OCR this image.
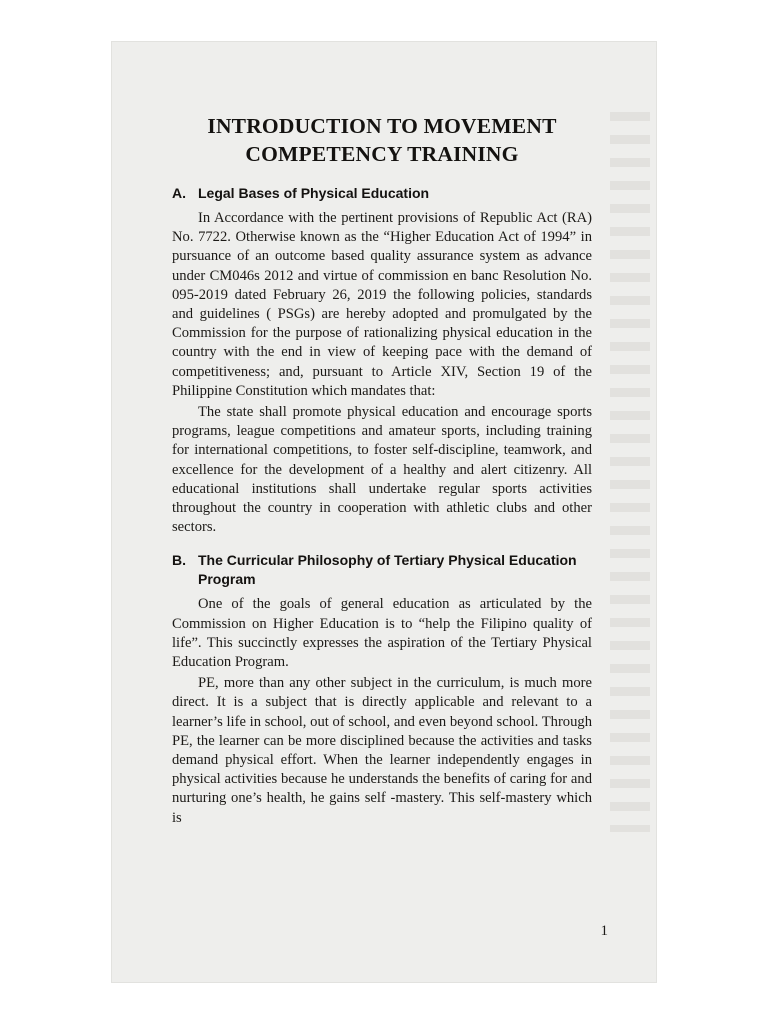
INTRODUCTION TO MOVEMENT
COMPETENCY TRAINING
A. Legal Bases of Physical Education

In Accordance with the pertinent provisions of Republic Act (RA) No. 7722. Otherwise known as the “Higher Education Act of 1994” in pursuance of an outcome based quality assurance system as advance under CM046s 2012 and virtue of commission en banc Resolution No. 095-2019 dated February 26, 2019 the following policies, standards and guidelines ( PSGs) are hereby adopted and promulgated by the Commission for the purpose of rationalizing physical education in the country with the end in view of keeping pace with the demand of competitiveness; and, pursuant to Article XIV, Section 19 of the Philippine Constitution which mandates that:

The state shall promote physical education and encourage sports programs, league competitions and amateur sports, including training for international competitions, to foster self-discipline, teamwork, and excellence for the development of a healthy and alert citizenry. All educational institutions shall undertake regular sports activities throughout the country in cooperation with athletic clubs and other sectors.

B. The Curricular Philosophy of Tertiary Physical Education Program

One of the goals of general education as articulated by the Commission on Higher Education is to “help the Filipino quality of life”. This succinctly expresses the aspiration of the Tertiary Physical Education Program.

PE, more than any other subject in the curriculum, is much more direct. It is a subject that is directly applicable and relevant to a learner’s life in school, out of school, and even beyond school. Through PE, the learner can be more disciplined because the activities and tasks demand physical effort. When the learner independently engages in physical activities because he understands the benefits of caring for and nurturing one’s health, he gains self -mastery. This self-mastery which is

1
